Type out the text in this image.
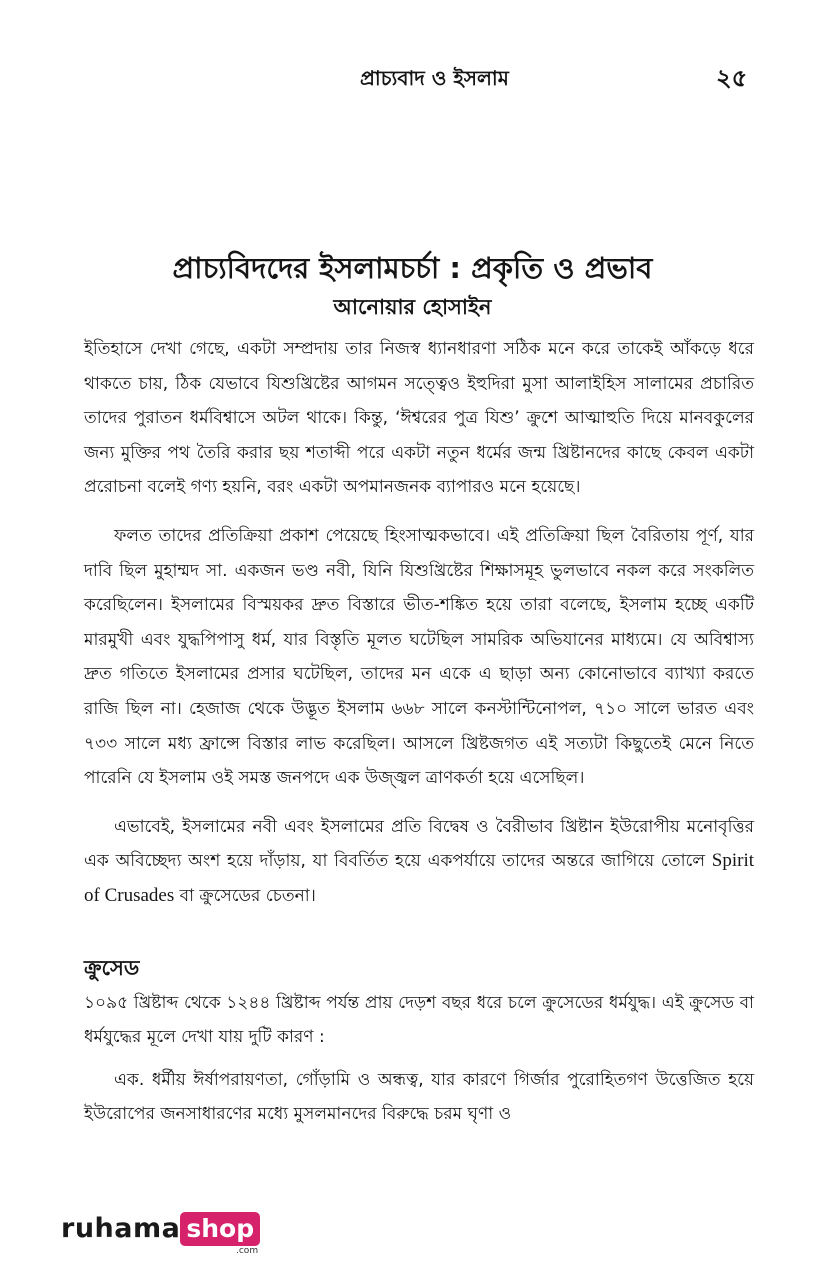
প্রাচ্যবাদ ও ইসলাম	২৫
প্রাচ্যবিদদের ইসলামচর্চা : প্রকৃতি ও প্রভাব
আনোয়ার হোসাইন

ইতিহাসে দেখা গেছে, একটা সম্প্রদায় তার নিজস্ব ধ্যানধারণা সঠিক মনে করে তাকেই আঁকড়ে ধরে থাকতে চায়, ঠিক যেভাবে যিশুখ্রিষ্টের আগমন সত্ত্বেও ইহুদিরা মুসা আলাইহিস সালামের প্রচারিত তাদের পুরাতন ধর্মবিশ্বাসে অটল থাকে। কিন্তু, ‘ঈশ্বরের পুত্র যিশু’ ক্রুশে আত্মাহুতি দিয়ে মানবকুলের জন্য মুক্তির পথ তৈরি করার ছয় শতাব্দী পরে একটা নতুন ধর্মের জন্ম খ্রিষ্টানদের কাছে কেবল একটা প্ররোচনা বলেই গণ্য হয়নি, বরং একটা অপমানজনক ব্যাপারও মনে হয়েছে।

ফলত তাদের প্রতিক্রিয়া প্রকাশ পেয়েছে হিংসাত্মকভাবে। এই প্রতিক্রিয়া ছিল বৈরিতায় পূর্ণ, যার দাবি ছিল মুহাম্মদ সা. একজন ভণ্ড নবী, যিনি যিশুখ্রিষ্টের শিক্ষাসমূহ ভুলভাবে নকল করে সংকলিত করেছিলেন। ইসলামের বিস্ময়কর দ্রুত বিস্তারে ভীত-শঙ্কিত হয়ে তারা বলেছে, ইসলাম হচ্ছে একটি মারমুখী এবং যুদ্ধপিপাসু ধর্ম, যার বিস্তৃতি মূলত ঘটেছিল সামরিক অভিযানের মাধ্যমে। যে অবিশ্বাস্য দ্রুত গতিতে ইসলামের প্রসার ঘটেছিল, তাদের মন একে এ ছাড়া অন্য কোনোভাবে ব্যাখ্যা করতে রাজি ছিল না। হেজাজ থেকে উদ্ভূত ইসলাম ৬৬৮ সালে কনস্টান্টিনোপল, ৭১০ সালে ভারত এবং ৭৩৩ সালে মধ্য ফ্রান্সে বিস্তার লাভ করেছিল। আসলে খ্রিষ্টজগত এই সত্যটা কিছুতেই মেনে নিতে পারেনি যে ইসলাম ওই সমস্ত জনপদে এক উজ্জ্বল ত্রাণকর্তা হয়ে এসেছিল।

এভাবেই, ইসলামের নবী এবং ইসলামের প্রতি বিদ্বেষ ও বৈরীভাব খ্রিষ্টান ইউরোপীয় মনোবৃত্তির এক অবিচ্ছেদ্য অংশ হয়ে দাঁড়ায়, যা বিবর্তিত হয়ে একপর্যায়ে তাদের অন্তরে জাগিয়ে তোলে Spirit of Crusades বা ক্রুসেডের চেতনা।

ক্রুসেড

১০৯৫ খ্রিষ্টাব্দ থেকে ১২৪৪ খ্রিষ্টাব্দ পর্যন্ত প্রায় দেড়শ বছর ধরে চলে ক্রুসেডের ধর্মযুদ্ধ। এই ক্রুসেড বা ধর্মযুদ্ধের মূলে দেখা যায় দুটি কারণ :

এক. ধর্মীয় ঈর্ষাপরায়ণতা, গোঁড়ামি ও অন্ধত্ব, যার কারণে গির্জার পুরোহিতগণ উত্তেজিত হয়ে ইউরোপের জনসাধারণের মধ্যে মুসলমানদের বিরুদ্ধে চরম ঘৃণা ও

ruhama shop
.com
